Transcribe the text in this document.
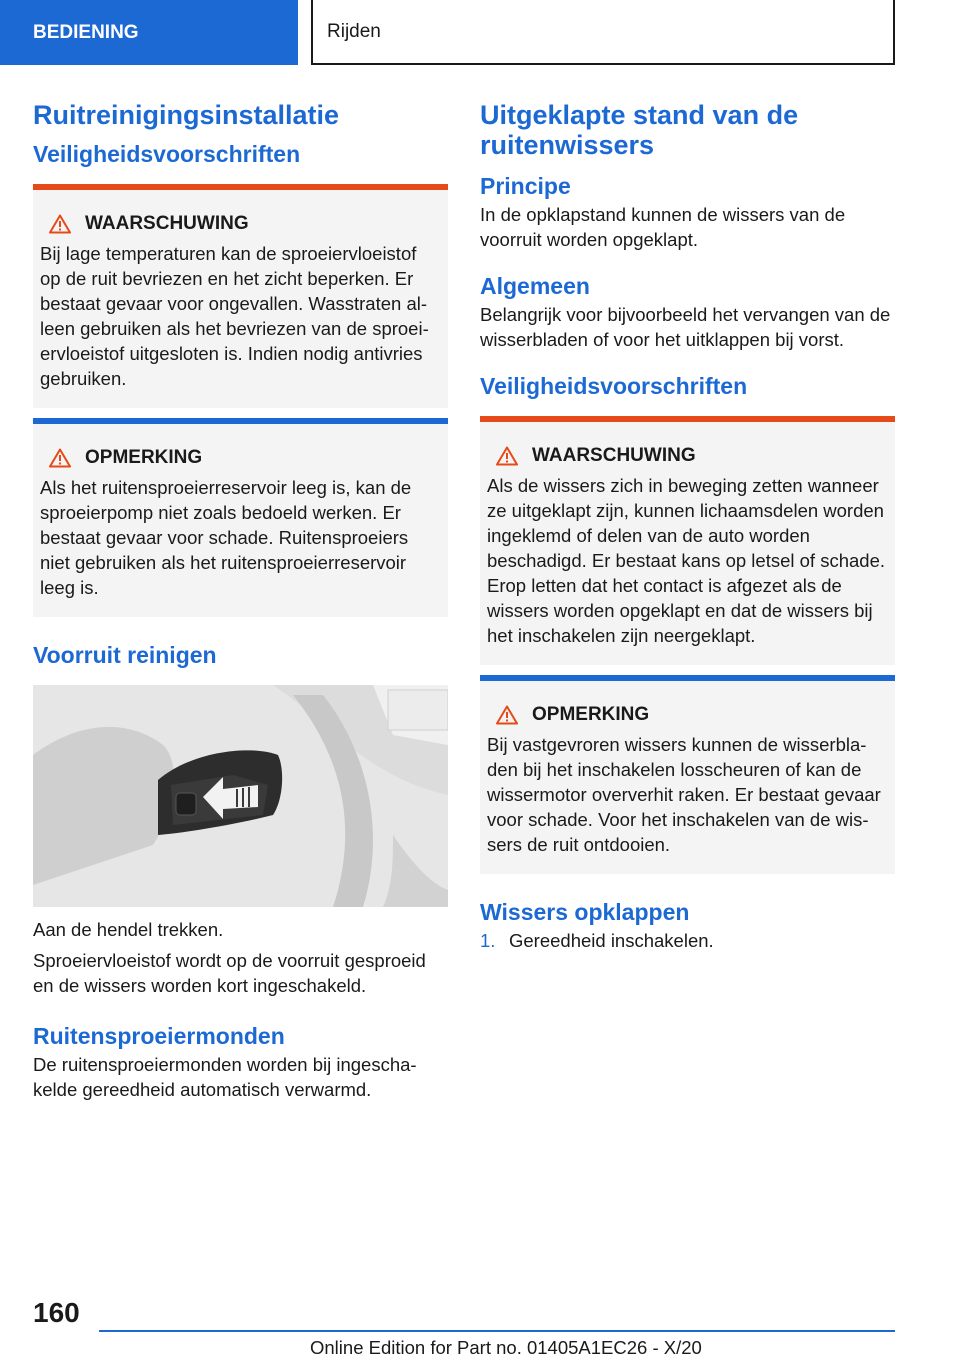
BEDIENING	Rijden
Ruitreinigingsinstallatie
Veiligheidsvoorschriften
WAARSCHUWING

Bij lage temperaturen kan de sproeiervloeistof op de ruit bevriezen en het zicht beperken. Er bestaat gevaar voor ongevallen. Wasstraten alleen gebruiken als het bevriezen van de sproeiervloeistof uitgesloten is. Indien nodig antivries gebruiken.

OPMERKING

Als het ruitensproeierreservoir leeg is, kan de sproeierpomp niet zoals bedoeld werken. Er bestaat gevaar voor schade. Ruitensproeiers niet gebruiken als het ruitensproeierreservoir leeg is.

Voorruit reinigen

Aan de hendel trekken.

Sproeiervloeistof wordt op de voorruit gesproeid en de wissers worden kort ingeschakeld.

Ruitensproeiermonden

De ruitensproeiermonden worden bij ingeschakelde gereedheid automatisch verwarmd.

Uitgeklapte stand van de ruitenwissers
Principe

In de opklapstand kunnen de wissers van de voorruit worden opgeklapt.

Algemeen

Belangrijk voor bijvoorbeeld het vervangen van de wisserbladen of voor het uitklappen bij vorst.

Veiligheidsvoorschriften
WAARSCHUWING

Als de wissers zich in beweging zetten wanneer ze uitgeklapt zijn, kunnen lichaamsdelen worden ingeklemd of delen van de auto worden beschadigd. Er bestaat kans op letsel of schade. Erop letten dat het contact is afgezet als de wissers worden opgeklapt en dat de wissers bij het inschakelen zijn neergeklapt.

OPMERKING

Bij vastgevroren wissers kunnen de wisserbladen bij het inschakelen losscheuren of kan de wissermotor oververhit raken. Er bestaat gevaar voor schade. Voor het inschakelen van de wissers de ruit ontdooien.

Wissers opklappen
1. Gereedheid inschakelen.
160
Online Edition for Part no. 01405A1EC26 - X/20
